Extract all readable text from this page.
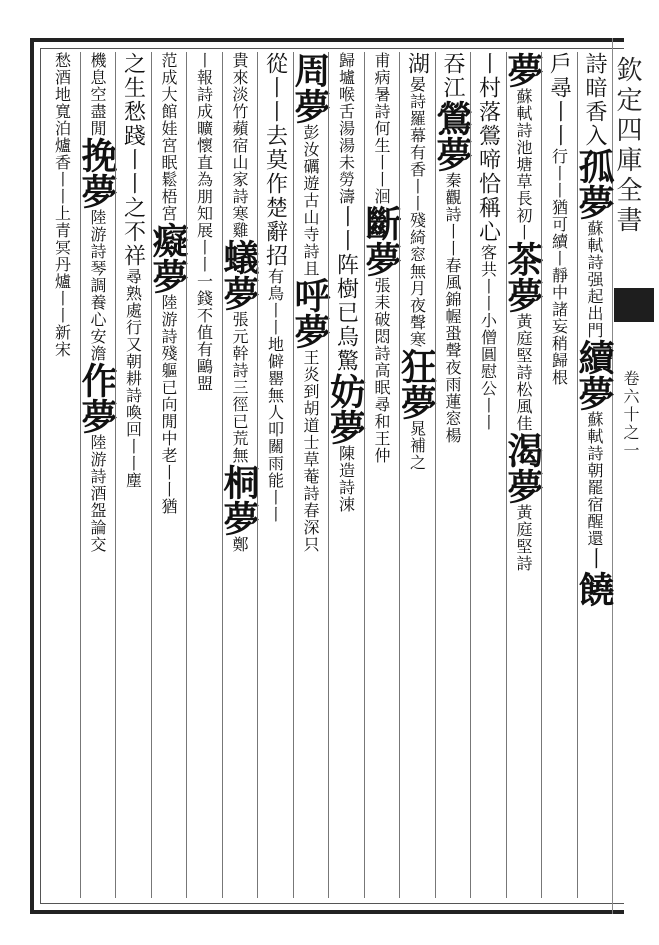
欽定四庫全書
卷六十之一
詩暗香入孤夢蘇軾詩强起出門續夢蘇軾詩朝罷宿醒還丨饒
戶尋丨丨行丨丨猶可續丨靜中諸妄稍歸根
夢蘇軾詩池塘草長初丨茶夢黃庭堅詩松風佳渴夢黃庭堅詩
丨村落鶯啼恰稱心客共丨丨小僧圓慰公丨丨
吞江鶯夢秦觀詩丨丨春風錦幄蛩聲夜雨蓮窓楊
湖晏詩羅幕有香丨丨殘綺窓無月夜聲寒狂夢晁補之
甫病暑詩何生丨丨洄斷夢張耒破悶詩高眠尋和王仲
歸壚喉舌湯湯未勞濤丨丨阵樹已烏驚妨夢陳造詩涑
周夢彭汝礪遊古山寺詩且呼夢王炎到胡道士草菴詩春深只
從丨丨去莫作楚辭招有鳥丨丨地僻罌無人叩關雨能丨丨
貴來淡竹蘋宿山家詩寒雞蟻夢張元幹詩三徑已荒無桐夢鄭
丨報詩成曠懷直為朋知展丨丨一錢不值有鷗盟
范成大館娃宮眠鬆梧宮癡夢陸游詩殘軀已向閒中老丨丨猶
之生愁踐丨丨之不祥尋熟處行又朝耕詩喚回丨丨塵
機息空盡閒挽夢陸游詩琴調養心安澹作夢陸游詩酒盌論交
愁酒地寬泊爐香丨丨上青冥丹爐丨丨新宋
